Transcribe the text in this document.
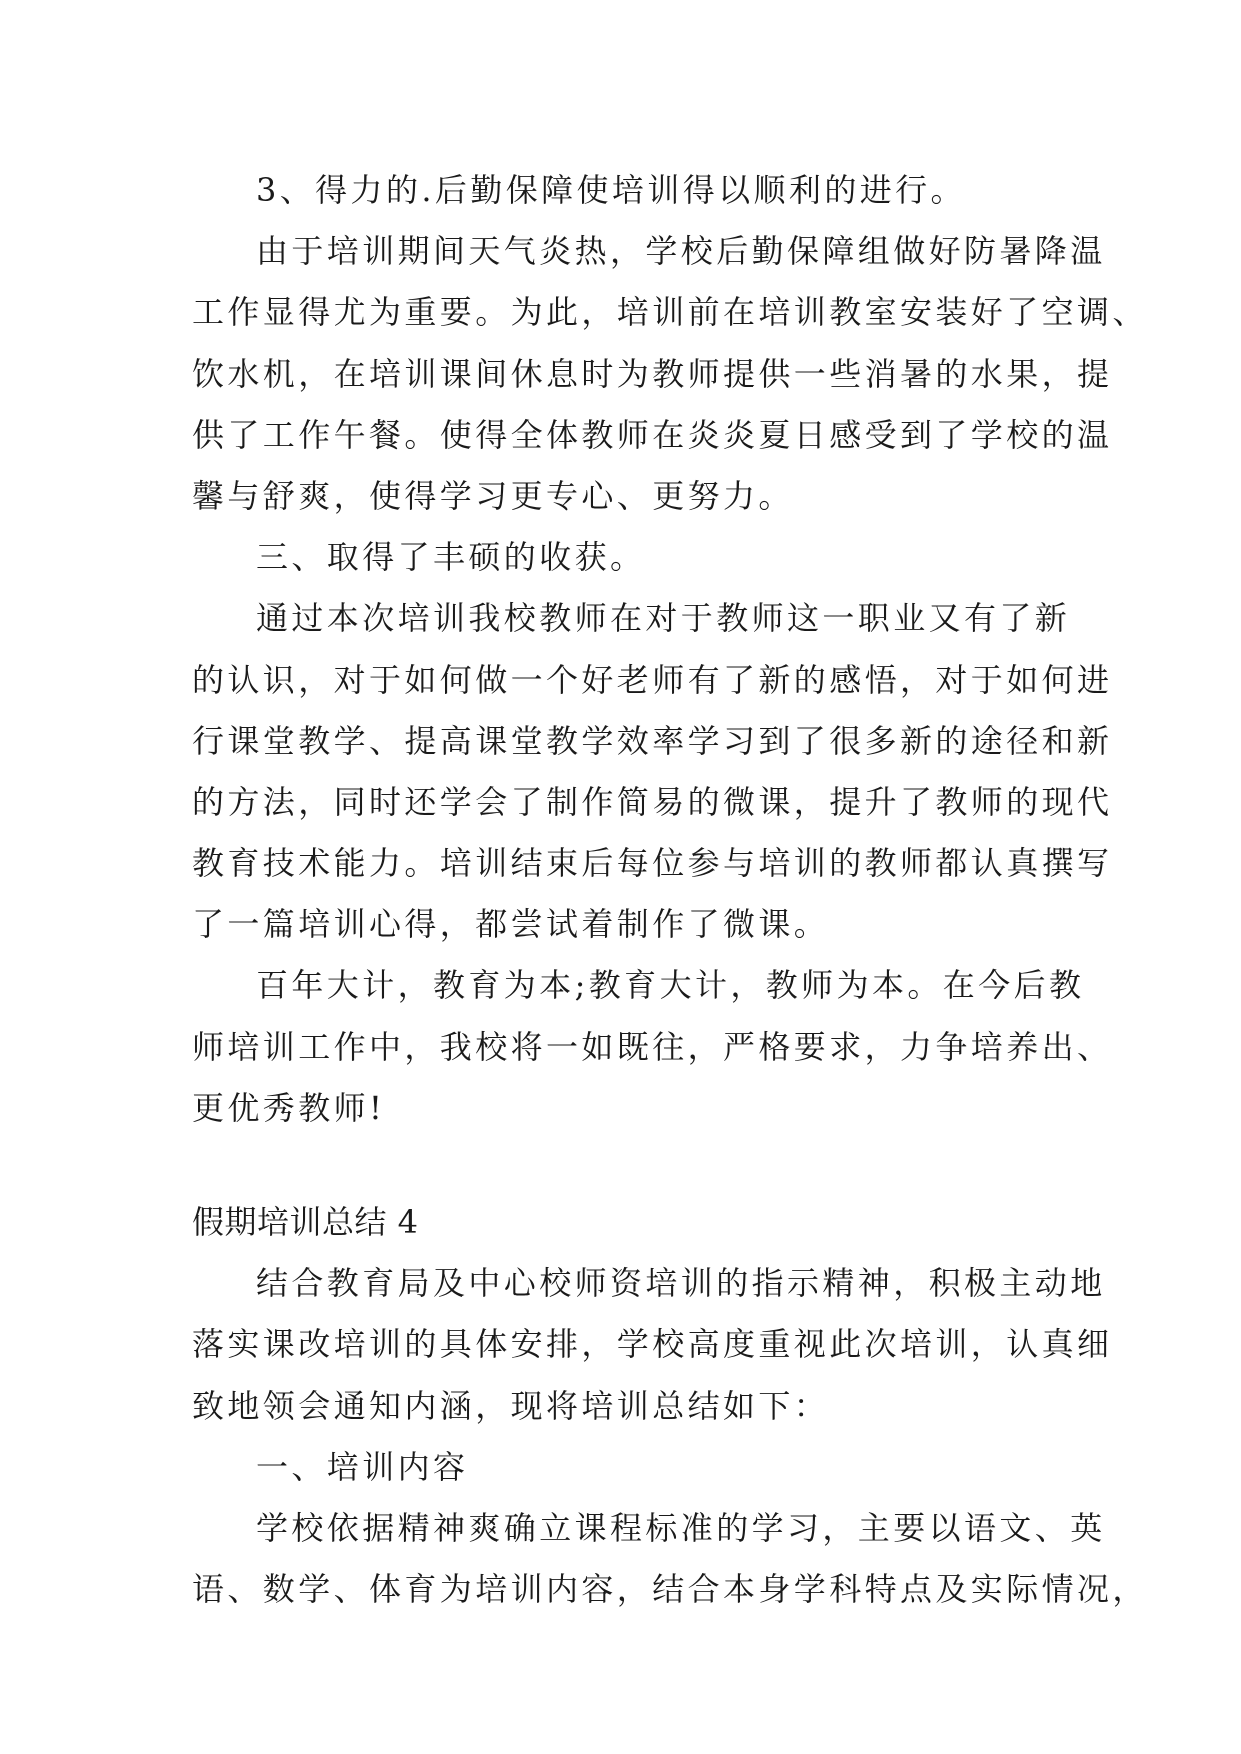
3、得力的.后勤保障使培训得以顺利的进行。
由于培训期间天气炎热，学校后勤保障组做好防暑降温
工作显得尤为重要。为此，培训前在培训教室安装好了空调、
饮水机，在培训课间休息时为教师提供一些消暑的水果，提
供了工作午餐。使得全体教师在炎炎夏日感受到了学校的温
馨与舒爽，使得学习更专心、更努力。
三、取得了丰硕的收获。
通过本次培训我校教师在对于教师这一职业又有了新
的认识，对于如何做一个好老师有了新的感悟，对于如何进
行课堂教学、提高课堂教学效率学习到了很多新的途径和新
的方法，同时还学会了制作简易的微课，提升了教师的现代
教育技术能力。培训结束后每位参与培训的教师都认真撰写
了一篇培训心得，都尝试着制作了微课。
百年大计，教育为本;教育大计，教师为本。在今后教
师培训工作中，我校将一如既往，严格要求，力争培养出、
更优秀教师!
假期培训总结 4
结合教育局及中心校师资培训的指示精神，积极主动地
落实课改培训的具体安排，学校高度重视此次培训，认真细
致地领会通知内涵，现将培训总结如下：
一、培训内容
学校依据精神爽确立课程标准的学习，主要以语文、英
语、数学、体育为培训内容，结合本身学科特点及实际情况，
